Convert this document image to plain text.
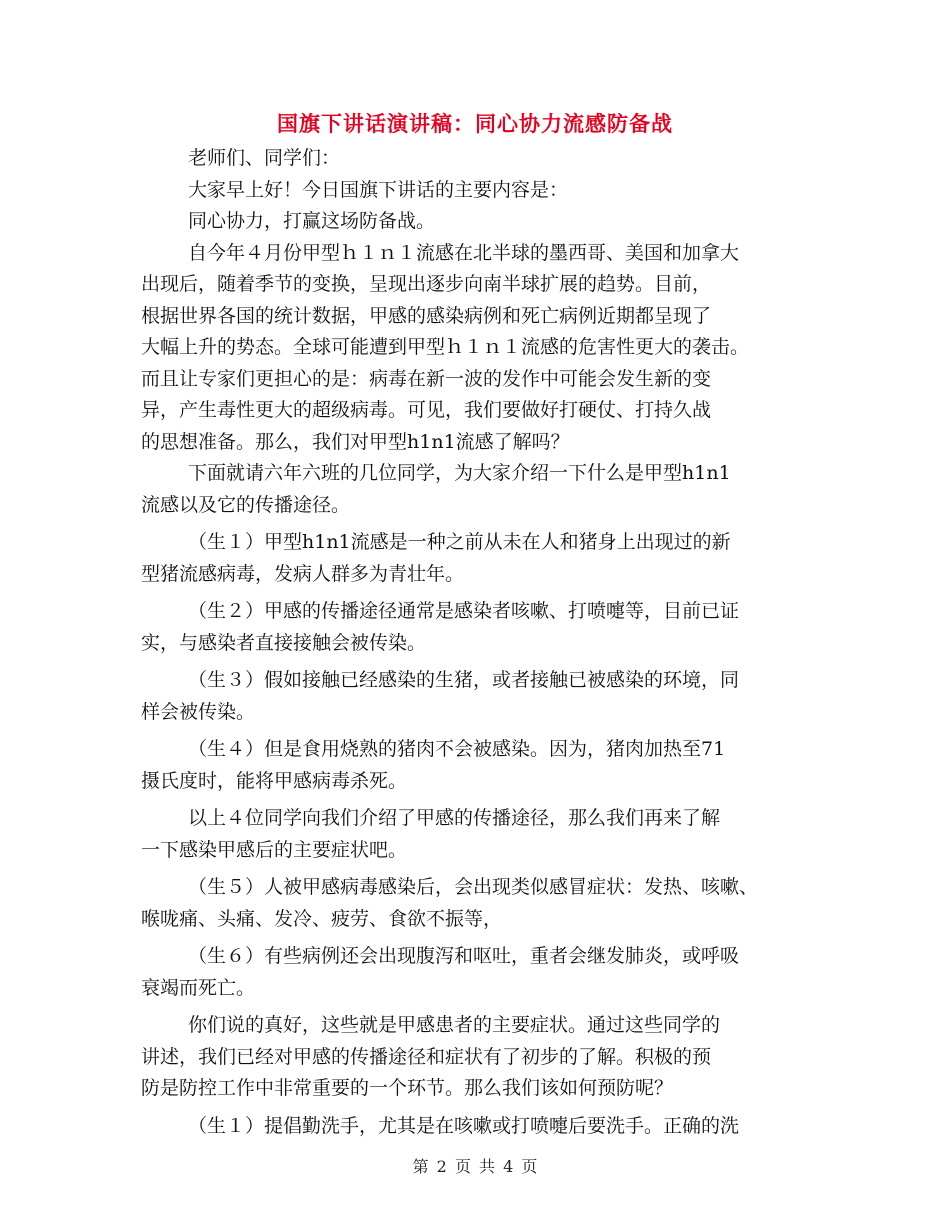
国旗下讲话演讲稿：同心协力流感防备战

老师们、同学们：

大家早上好！今日国旗下讲话的主要内容是：

同心协力，打赢这场防备战。

自今年４月份甲型ｈ１ｎ１流感在北半球的墨西哥、美国和加拿大
出现后，随着季节的变换，呈现出逐步向南半球扩展的趋势。目前，
根据世界各国的统计数据，甲感的感染病例和死亡病例近期都呈现了
大幅上升的势态。全球可能遭到甲型ｈ１ｎ１流感的危害性更大的袭击。
而且让专家们更担心的是：病毒在新一波的发作中可能会发生新的变
异，产生毒性更大的超级病毒。可见，我们要做好打硬仗、打持久战
的思想准备。那么，我们对甲型h1n1流感了解吗？

下面就请六年六班的几位同学，为大家介绍一下什么是甲型h1n1
流感以及它的传播途径。

（生１）甲型h1n1流感是一种之前从未在人和猪身上出现过的新
型猪流感病毒，发病人群多为青壮年。

（生２）甲感的传播途径通常是感染者咳嗽、打喷嚏等，目前已证
实，与感染者直接接触会被传染。

（生３）假如接触已经感染的生猪，或者接触已被感染的环境，同
样会被传染。

（生４）但是食用烧熟的猪肉不会被感染。因为，猪肉加热至71
摄氏度时，能将甲感病毒杀死。

以上４位同学向我们介绍了甲感的传播途径，那么我们再来了解
一下感染甲感后的主要症状吧。

（生５）人被甲感病毒感染后，会出现类似感冒症状：发热、咳嗽、
喉咙痛、头痛、发冷、疲劳、食欲不振等，

（生６）有些病例还会出现腹泻和呕吐，重者会继发肺炎，或呼吸
衰竭而死亡。

你们说的真好，这些就是甲感患者的主要症状。通过这些同学的
讲述，我们已经对甲感的传播途径和症状有了初步的了解。积极的预
防是防控工作中非常重要的一个环节。那么我们该如何预防呢？

（生１）提倡勤洗手，尤其是在咳嗽或打喷嚏后要洗手。正确的洗

第 2 页 共 4 页
